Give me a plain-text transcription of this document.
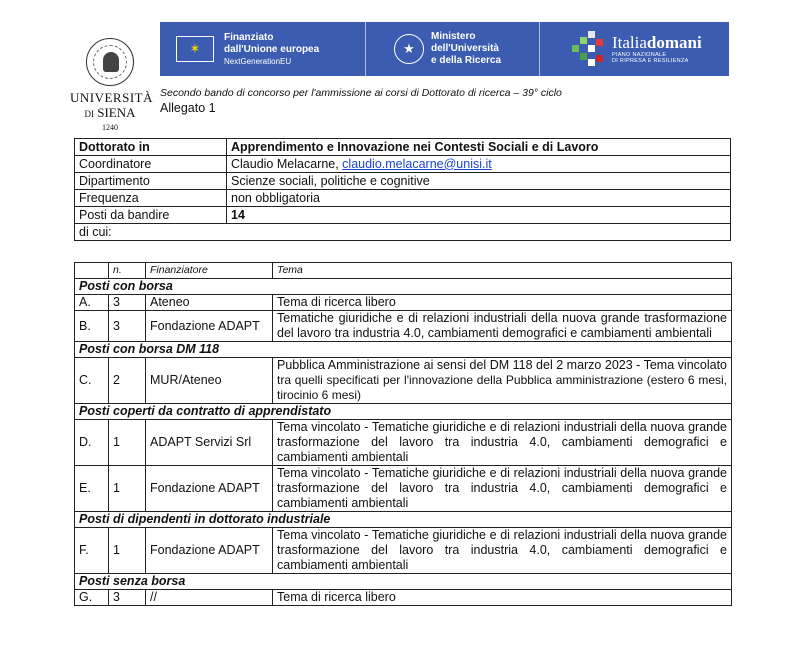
UNIVERSITÀ
DI SIENA
1240
✶
Finanziato
dall'Unione europea
NextGenerationEU
★
Ministero
dell'Università
e della Ricerca
Italiadomani
PIANO NAZIONALE
DI RIPRESA E RESILIENZA
Secondo bando di concorso per l'ammissione ai corsi di Dottorato di ricerca – 39° ciclo
Allegato 1
Dottorato in	Apprendimento e Innovazione nei Contesti Sociali e di Lavoro
Coordinatore	Claudio Melacarne, claudio.melacarne@unisi.it
Dipartimento	Scienze sociali, politiche e cognitive
Frequenza	non obbligatoria
Posti da bandire	14
di cui:	
	n.	Finanziatore	Tema
Posti con borsa			
A.	3	Ateneo	Tema di ricerca libero
B.	3	Fondazione ADAPT	Tematiche giuridiche e di relazioni industriali della nuova grande trasformazione del lavoro tra industria 4.0, cambiamenti demografici e cambiamenti ambientali
Posti con borsa DM 118			
C.	2	MUR/Ateneo	Pubblica Amministrazione ai sensi del DM 118 del 2 marzo 2023 - Tema vincolato tra quelli specificati per l'innovazione della Pubblica amministrazione (estero 6 mesi, tirocinio 6 mesi)
Posti coperti da contratto di apprendistato			
D.	1	ADAPT Servizi Srl	Tema vincolato - Tematiche giuridiche e di relazioni industriali della nuova grande trasformazione del lavoro tra industria 4.0, cambiamenti demografici e cambiamenti ambientali
E.	1	Fondazione ADAPT	Tema vincolato - Tematiche giuridiche e di relazioni industriali della nuova grande trasformazione del lavoro tra industria 4.0, cambiamenti demografici e cambiamenti ambientali
Posti di dipendenti in dottorato industriale			
F.	1	Fondazione ADAPT	Tema vincolato - Tematiche giuridiche e di relazioni industriali della nuova grande trasformazione del lavoro tra industria 4.0, cambiamenti demografici e cambiamenti ambientali
Posti senza borsa			
G.	3	//	Tema di ricerca libero
